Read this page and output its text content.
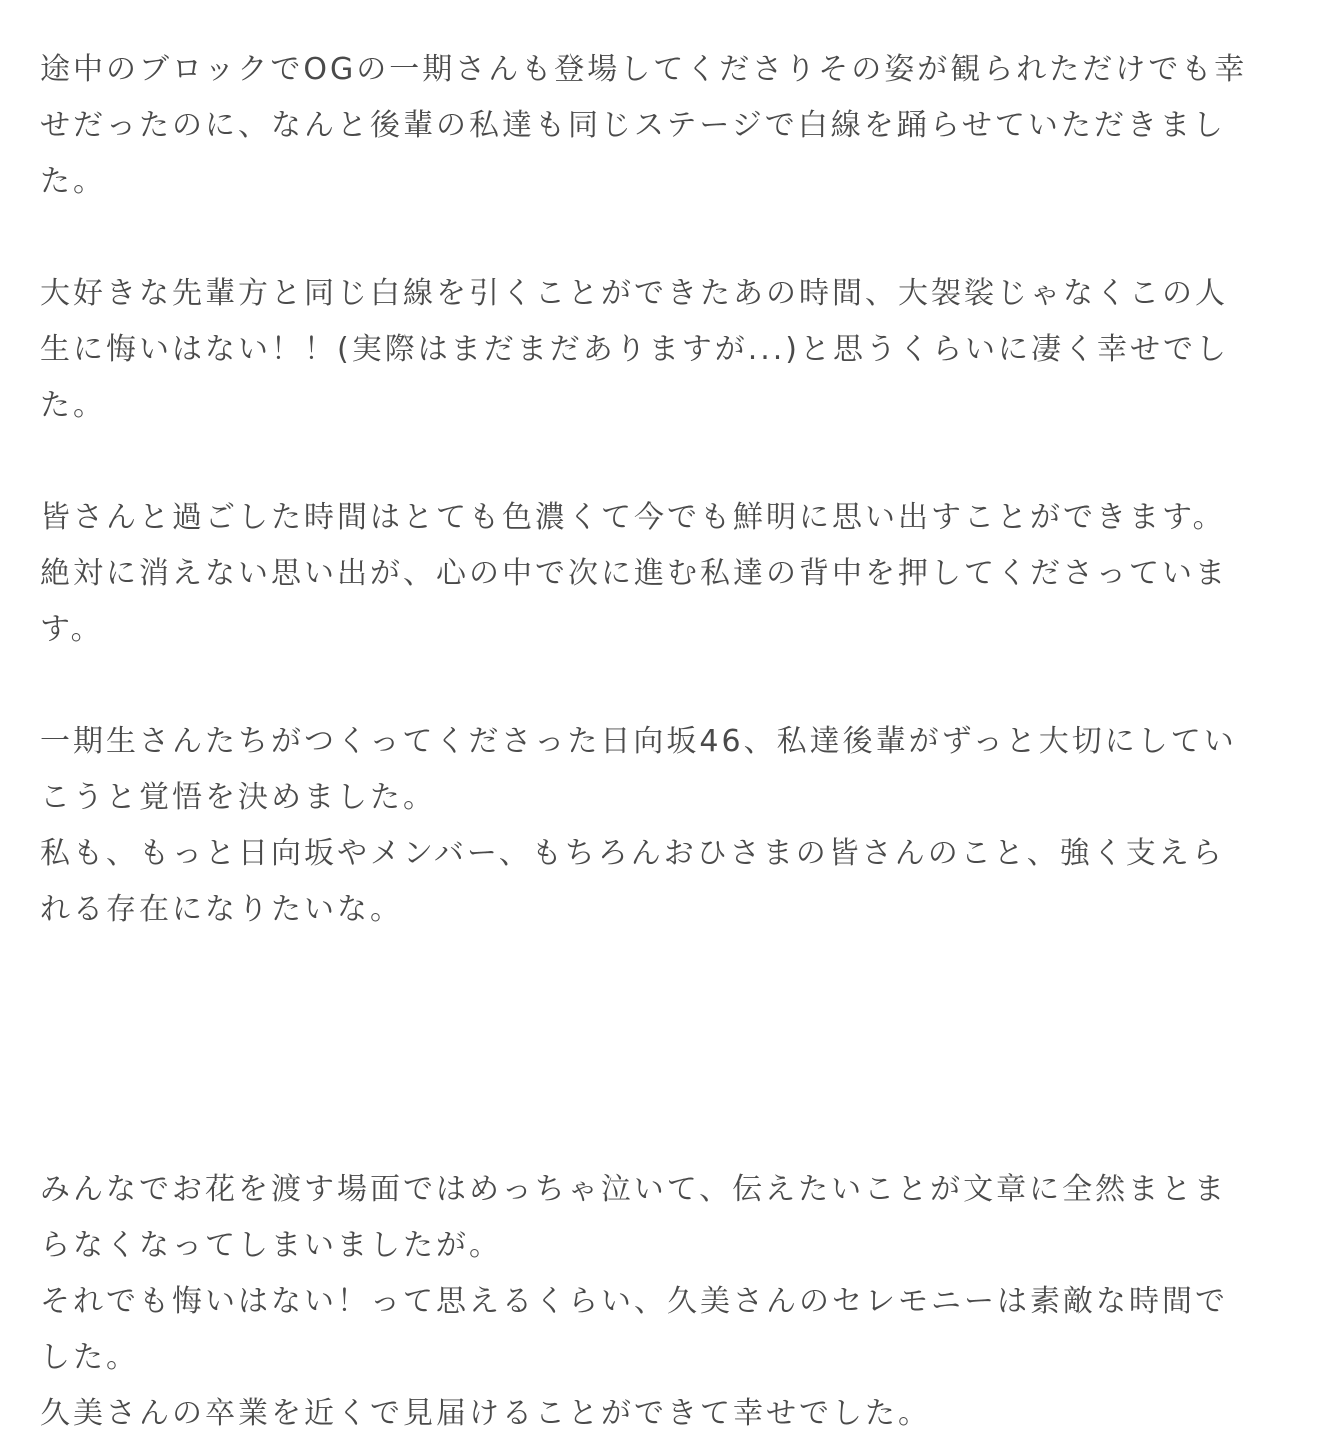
途中のブロックでOGの一期さんも登場してくださりその姿が観られただけでも幸
せだったのに、なんと後輩の私達も同じステージで白線を踊らせていただきまし
た。

大好きな先輩方と同じ白線を引くことができたあの時間、大袈裟じゃなくこの人
生に悔いはない！！(実際はまだまだありますが...)と思うくらいに凄く幸せでし
た。

皆さんと過ごした時間はとても色濃くて今でも鮮明に思い出すことができます。
絶対に消えない思い出が、心の中で次に進む私達の背中を押してくださっていま
す。

一期生さんたちがつくってくださった日向坂46、私達後輩がずっと大切にしてい
こうと覚悟を決めました。
私も、もっと日向坂やメンバー、もちろんおひさまの皆さんのこと、強く支えら
れる存在になりたいな。

みんなでお花を渡す場面ではめっちゃ泣いて、伝えたいことが文章に全然まとま
らなくなってしまいましたが。
それでも悔いはない！って思えるくらい、久美さんのセレモニーは素敵な時間で
した。
久美さんの卒業を近くで見届けることができて幸せでした。
